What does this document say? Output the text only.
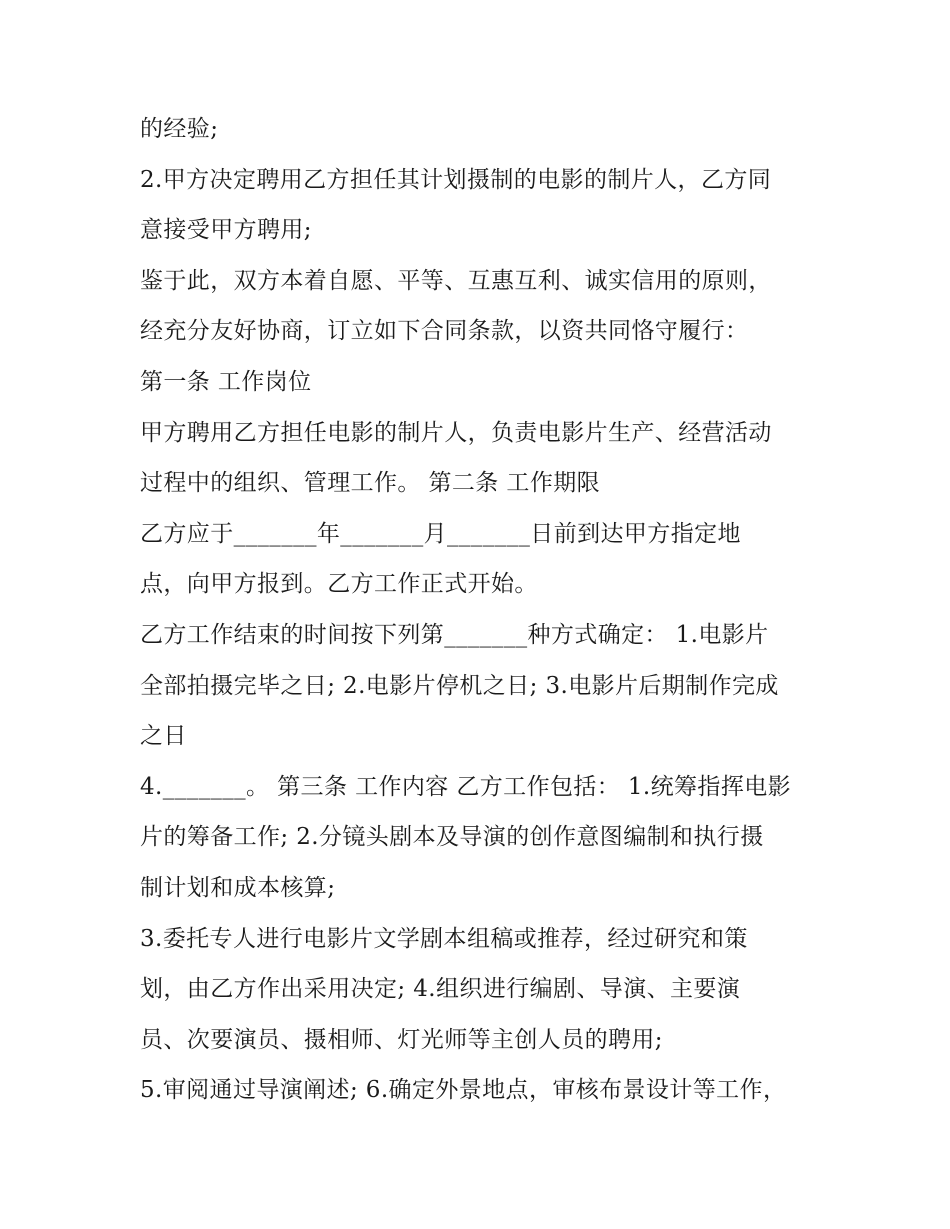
的经验;
2.甲方决定聘用乙方担任其计划摄制的电影的制片人，乙方同
意接受甲方聘用;
鉴于此，双方本着自愿、平等、互惠互利、诚实信用的原则，
经充分友好协商，订立如下合同条款，以资共同恪守履行：
第一条 工作岗位
甲方聘用乙方担任电影的制片人，负责电影片生产、经营活动
过程中的组织、管理工作。 第二条 工作期限
乙方应于_______年_______月_______日前到达甲方指定地
点，向甲方报到。乙方工作正式开始。
乙方工作结束的时间按下列第_______种方式确定： 1.电影片
全部拍摄完毕之日; 2.电影片停机之日; 3.电影片后期制作完成
之日
4._______。 第三条 工作内容 乙方工作包括： 1.统筹指挥电影
片的筹备工作; 2.分镜头剧本及导演的创作意图编制和执行摄
制计划和成本核算;
3.委托专人进行电影片文学剧本组稿或推荐，经过研究和策
划，由乙方作出采用决定; 4.组织进行编剧、导演、主要演
员、次要演员、摄相师、灯光师等主创人员的聘用;
5.审阅通过导演阐述; 6.确定外景地点，审核布景设计等工作，
